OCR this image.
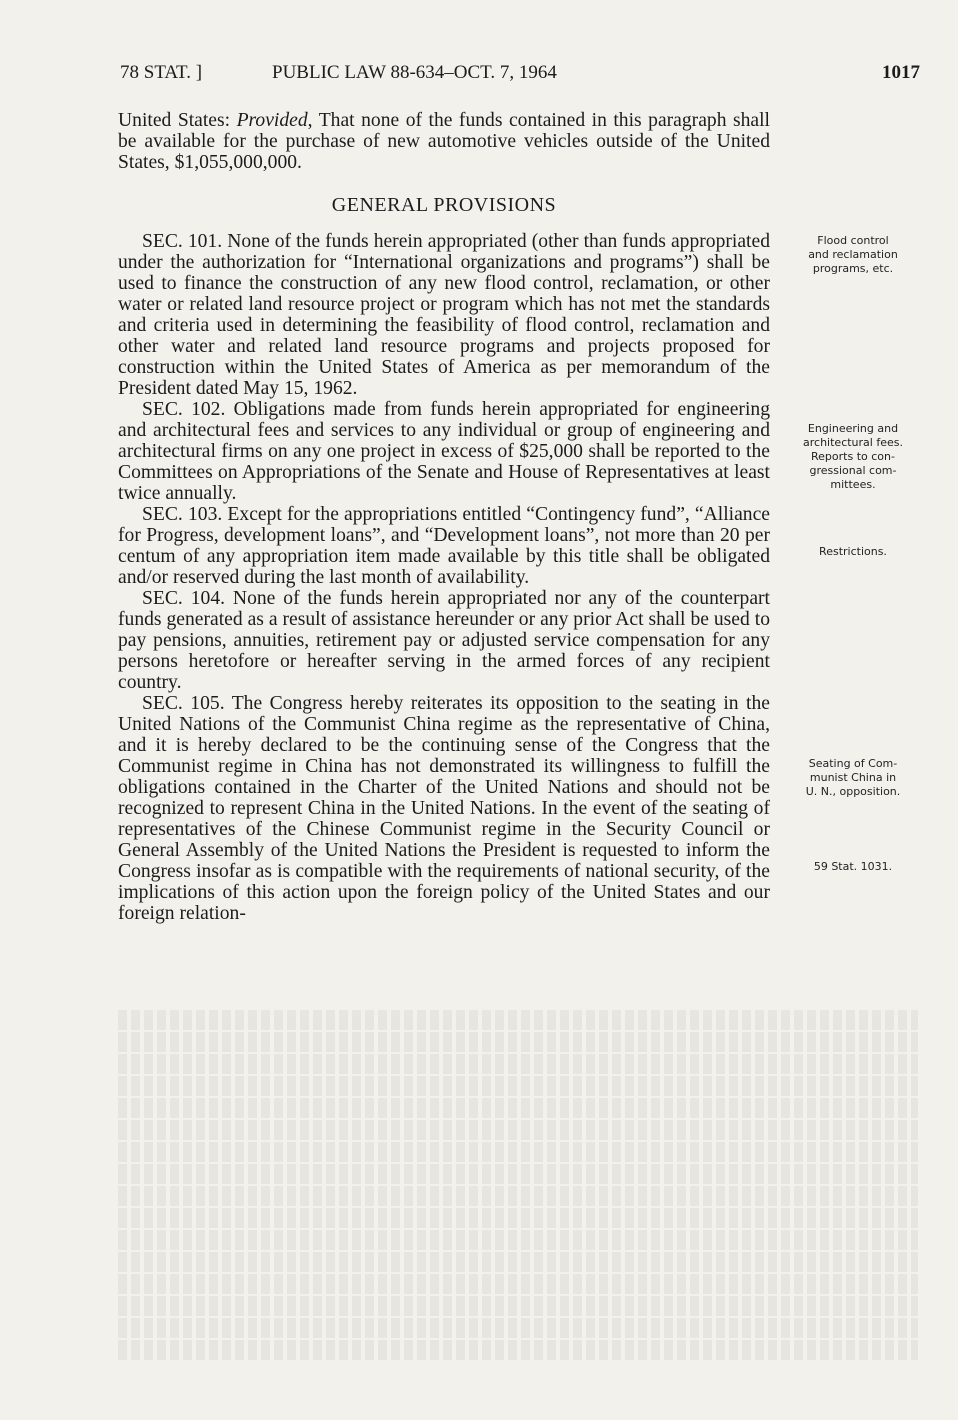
78 STAT. ]	PUBLIC LAW 88-634–OCT. 7, 1964	1017

United States: Provided, That none of the funds contained in this paragraph shall be available for the purchase of new automotive vehicles outside of the United States, $1,055,000,000.

GENERAL PROVISIONS

SEC. 101. None of the funds herein appropriated (other than funds appropriated under the authorization for “International organizations and programs”) shall be used to finance the construction of any new flood control, reclamation, or other water or related land resource project or program which has not met the standards and criteria used in determining the feasibility of flood control, reclamation and other water and related land resource programs and projects proposed for construction within the United States of America as per memorandum of the President dated May 15, 1962.

SEC. 102. Obligations made from funds herein appropriated for engineering and architectural fees and services to any individual or group of engineering and architectural firms on any one project in excess of $25,000 shall be reported to the Committees on Appropriations of the Senate and House of Representatives at least twice annually.

SEC. 103. Except for the appropriations entitled “Contingency fund”, “Alliance for Progress, development loans”, and “Development loans”, not more than 20 per centum of any appropriation item made available by this title shall be obligated and/or reserved during the last month of availability.

SEC. 104. None of the funds herein appropriated nor any of the counterpart funds generated as a result of assistance hereunder or any prior Act shall be used to pay pensions, annuities, retirement pay or adjusted service compensation for any persons heretofore or hereafter serving in the armed forces of any recipient country.

SEC. 105. The Congress hereby reiterates its opposition to the seating in the United Nations of the Communist China regime as the representative of China, and it is hereby declared to be the continuing sense of the Congress that the Communist regime in China has not demonstrated its willingness to fulfill the obligations contained in the Charter of the United Nations and should not be recognized to represent China in the United Nations. In the event of the seating of representatives of the Chinese Communist regime in the Security Council or General Assembly of the United Nations the President is requested to inform the Congress insofar as is compatible with the requirements of national security, of the implications of this action upon the foreign policy of the United States and our foreign relation-

Flood control
and reclamation
programs, etc.
Engineering and
architectural fees.
Reports to con-
gressional com-
mittees.
Restrictions.
Seating of Com-
munist China in
U. N., opposition.
59 Stat. 1031.
